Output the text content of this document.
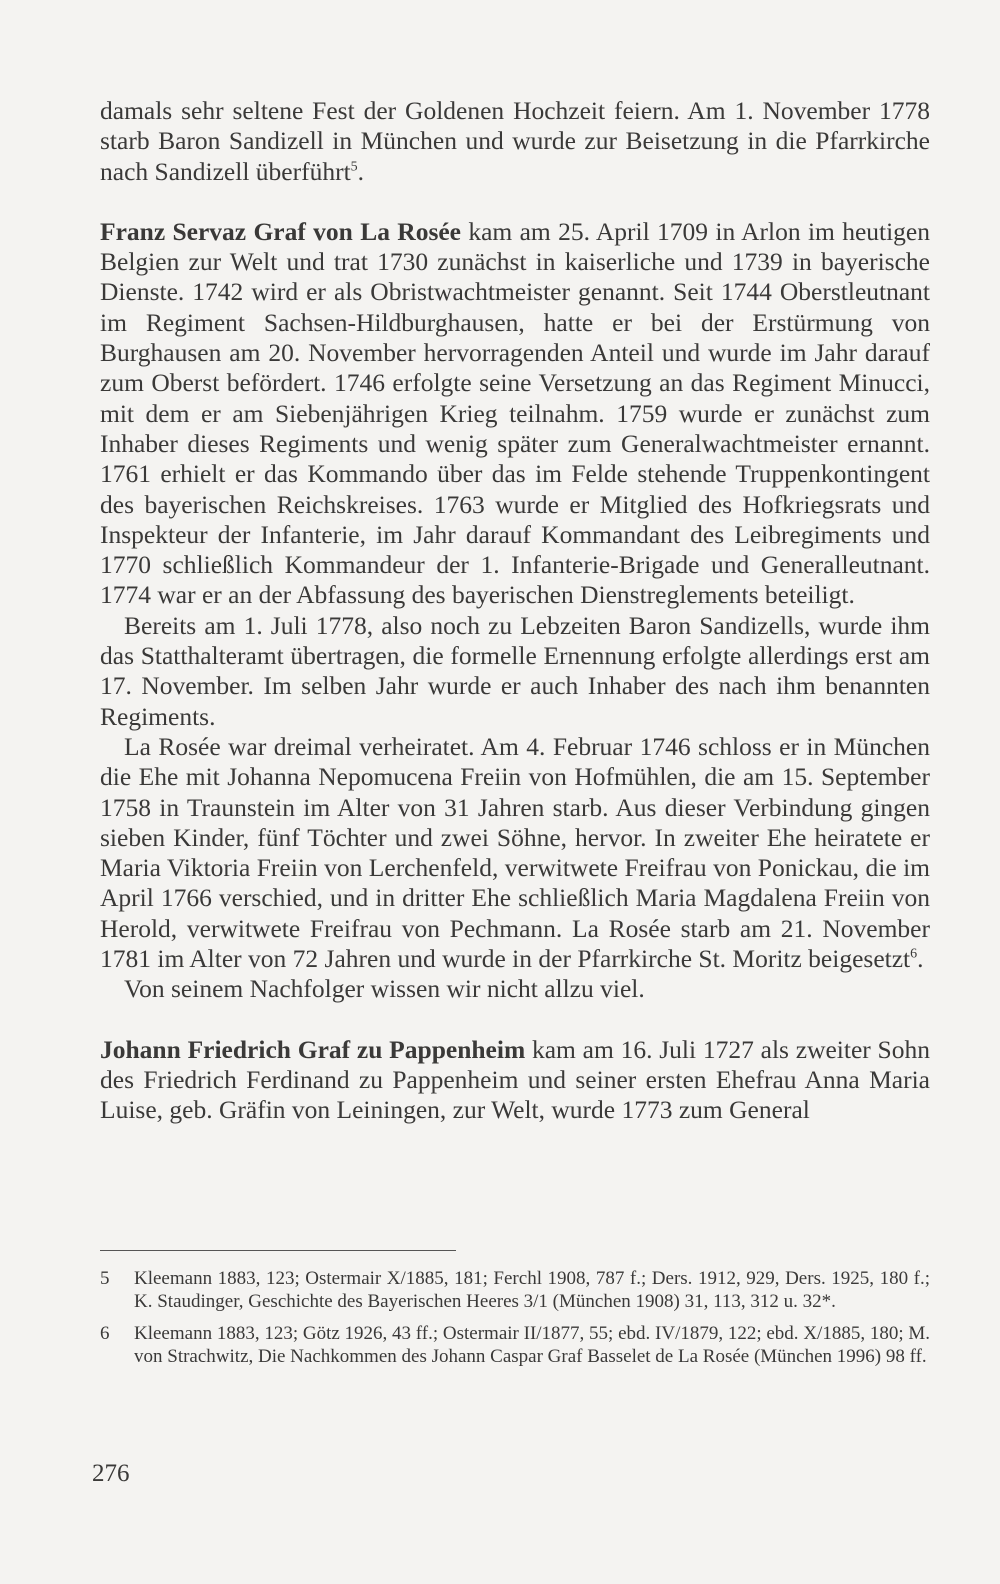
damals sehr seltene Fest der Goldenen Hochzeit feiern. Am 1. November 1778 starb Baron Sandizell in München und wurde zur Beisetzung in die Pfarrkirche nach Sandizell überführt$^5$.

Franz Servaz Graf von La Rosée kam am 25. April 1709 in Arlon im heutigen Belgien zur Welt und trat 1730 zunächst in kaiserliche und 1739 in bayerische Dienste. 1742 wird er als Obristwachtmeister genannt. Seit 1744 Oberstleutnant im Regiment Sachsen-Hildburghausen, hatte er bei der Erstürmung von Burghausen am 20. November hervorragenden Anteil und wurde im Jahr darauf zum Oberst befördert. 1746 erfolgte seine Versetzung an das Regiment Minucci, mit dem er am Siebenjährigen Krieg teilnahm. 1759 wurde er zunächst zum Inhaber dieses Regiments und wenig später zum Generalwachtmeister ernannt. 1761 erhielt er das Kommando über das im Felde stehende Truppenkontingent des bayerischen Reichskreises. 1763 wurde er Mitglied des Hofkriegsrats und Inspekteur der Infanterie, im Jahr darauf Kommandant des Leibregiments und 1770 schließlich Kommandeur der 1. Infanterie-Brigade und Generalleutnant. 1774 war er an der Abfassung des bayerischen Dienstreglements beteiligt.

Bereits am 1. Juli 1778, also noch zu Lebzeiten Baron Sandizells, wurde ihm das Statthalteramt übertragen, die formelle Ernennung erfolgte allerdings erst am 17. November. Im selben Jahr wurde er auch Inhaber des nach ihm benannten Regiments.

La Rosée war dreimal verheiratet. Am 4. Februar 1746 schloss er in München die Ehe mit Johanna Nepomucena Freiin von Hofmühlen, die am 15. September 1758 in Traunstein im Alter von 31 Jahren starb. Aus dieser Verbindung gingen sieben Kinder, fünf Töchter und zwei Söhne, hervor. In zweiter Ehe heiratete er Maria Viktoria Freiin von Lerchenfeld, verwitwete Freifrau von Ponickau, die im April 1766 verschied, und in dritter Ehe schließlich Maria Magdalena Freiin von Herold, verwitwete Freifrau von Pechmann. La Rosée starb am 21. November 1781 im Alter von 72 Jahren und wurde in der Pfarrkirche St. Moritz beigesetzt$^6$.

Von seinem Nachfolger wissen wir nicht allzu viel.

Johann Friedrich Graf zu Pappenheim kam am 16. Juli 1727 als zweiter Sohn des Friedrich Ferdinand zu Pappenheim und seiner ersten Ehefrau Anna Maria Luise, geb. Gräfin von Leiningen, zur Welt, wurde 1773 zum General

5	Kleemann 1883, 123; Ostermair X/1885, 181; Ferchl 1908, 787 f.; Ders. 1912, 929, Ders. 1925, 180 f.; K. Staudinger, Geschichte des Bayerischen Heeres 3/1 (München 1908) 31, 113, 312 u. 32*.
6	Kleemann 1883, 123; Götz 1926, 43 ff.; Ostermair II/1877, 55; ebd. IV/1879, 122; ebd. X/1885, 180; M. von Strachwitz, Die Nachkommen des Johann Caspar Graf Basselet de La Rosée (München 1996) 98 ff.
276
